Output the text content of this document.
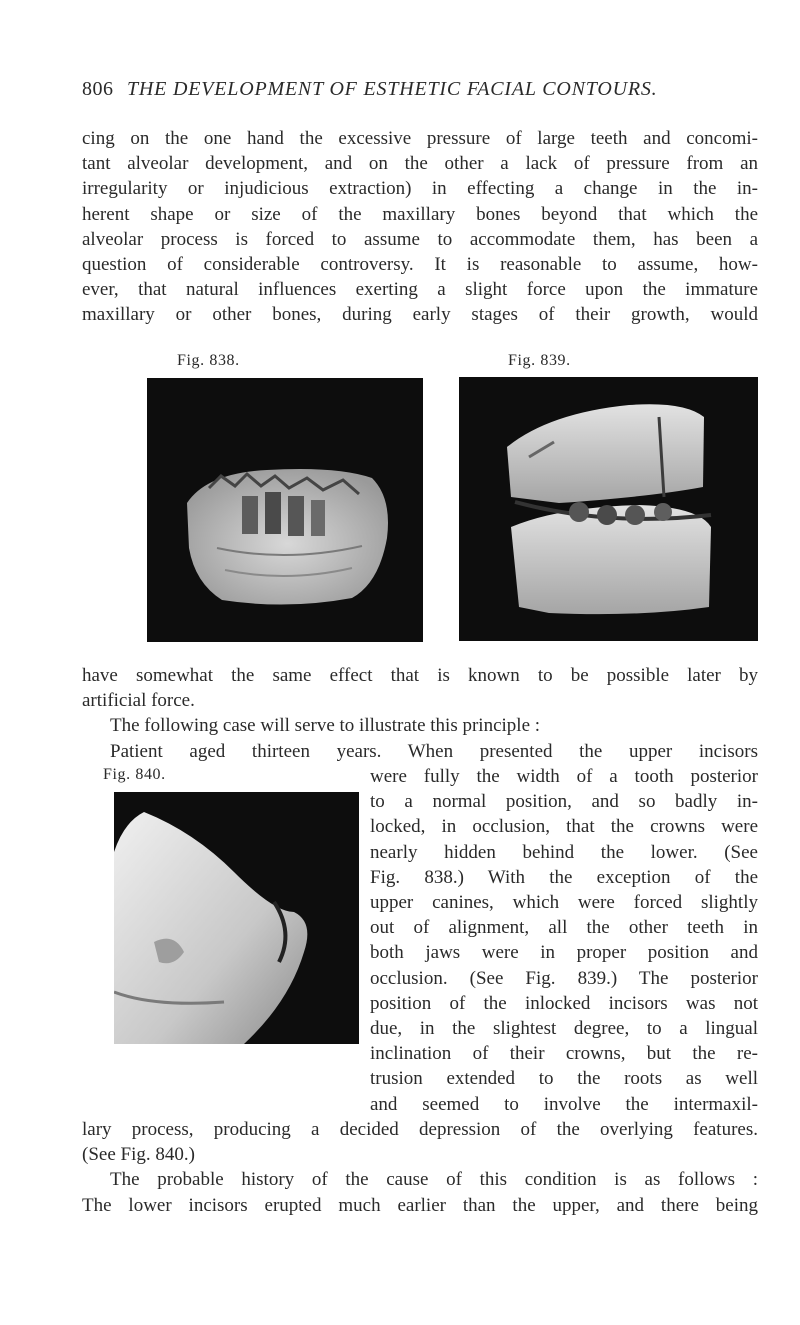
806 THE DEVELOPMENT OF ESTHETIC FACIAL CONTOURS.
cing on the one hand the excessive pressure of large teeth and concomi-
tant alveolar development, and on the other a lack of pressure from an
irregularity or injudicious extraction) in effecting a change in the in-
herent shape or size of the maxillary bones beyond that which the
alveolar process is forced to assume to accommodate them, has been a
question of considerable controversy. It is reasonable to assume, how-
ever, that natural influences exerting a slight force upon the immature
maxillary or other bones, during early stages of their growth, would
Fig. 838.	Fig. 839.
have somewhat the same effect that is known to be possible later by
artificial force.
The following case will serve to illustrate this principle :
Patient aged thirteen years. When presented the upper incisors
Fig. 840.	were fully the width of a tooth posterior
to a normal position, and so badly in-
locked, in occlusion, that the crowns were
nearly hidden behind the lower. (See
Fig. 838.) With the exception of the
upper canines, which were forced slightly
out of alignment, all the other teeth in
both jaws were in proper position and
occlusion. (See Fig. 839.) The posterior
position of the inlocked incisors was not
due, in the slightest degree, to a lingual
inclination of their crowns, but the re-
trusion extended to the roots as well
and seemed to involve the intermaxil-
lary process, producing a decided depression of the overlying features.
(See Fig. 840.)
The probable history of the cause of this condition is as follows :
The lower incisors erupted much earlier than the upper, and there being
